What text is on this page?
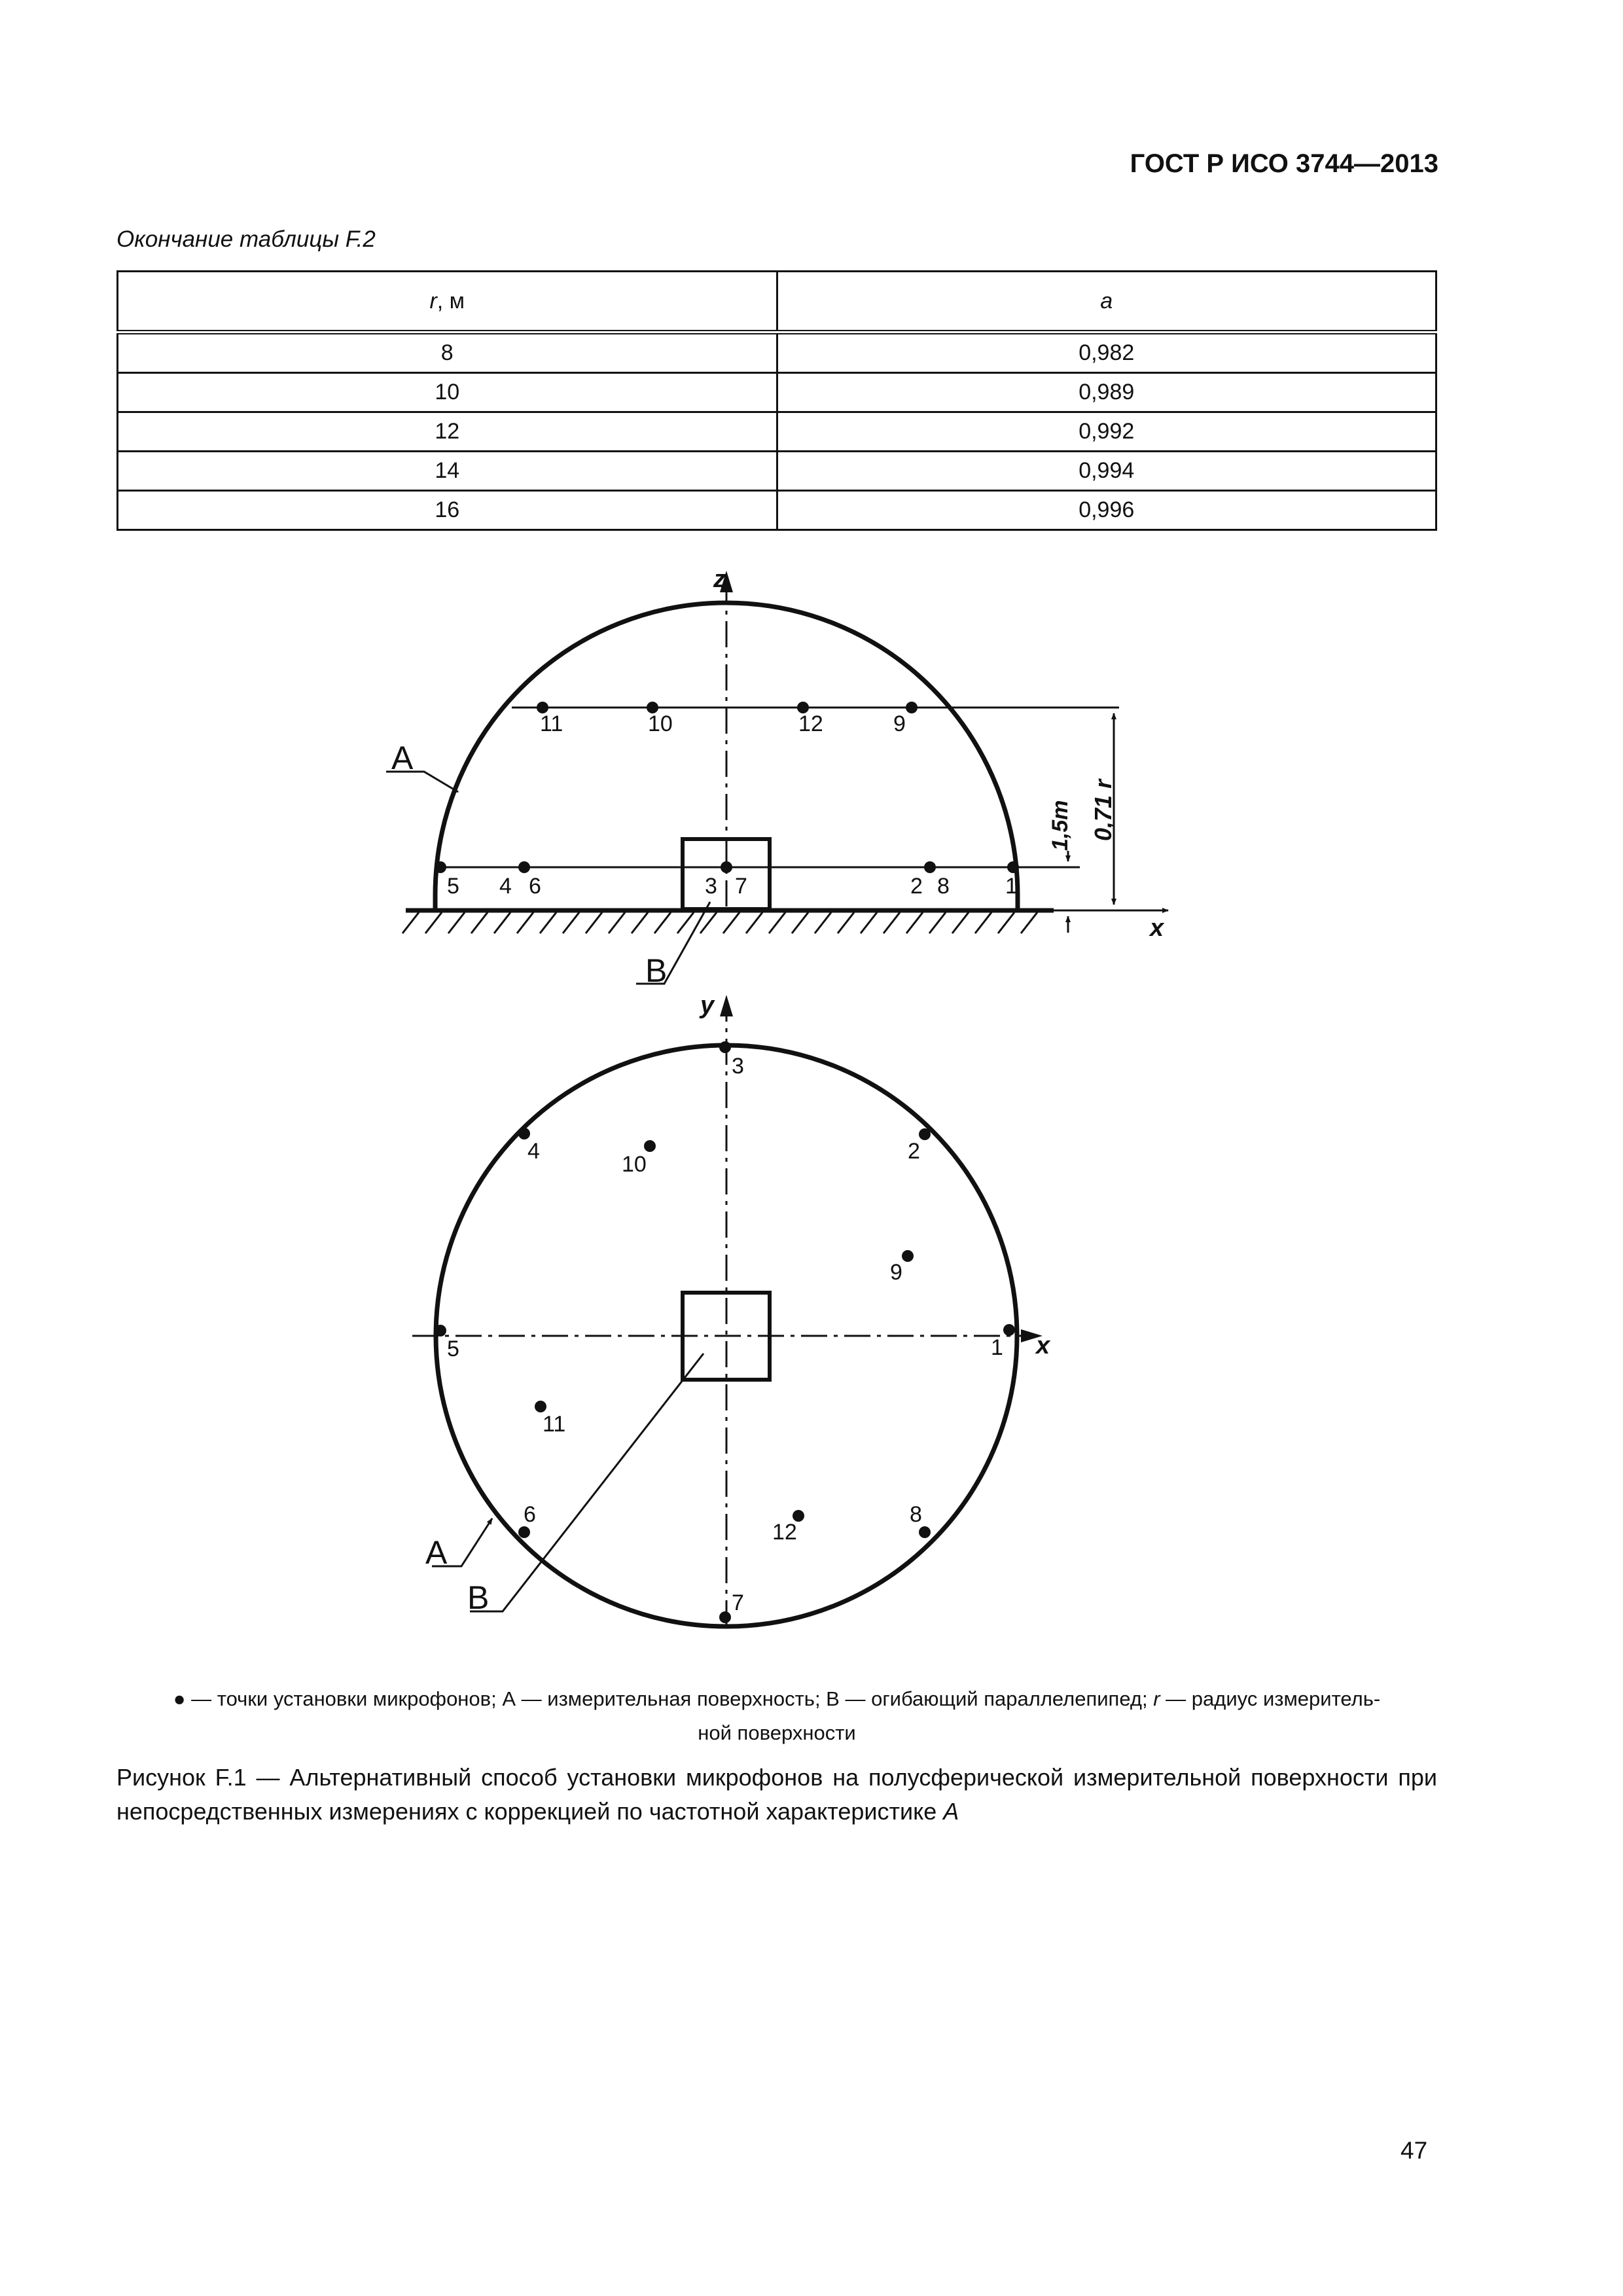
ГОСТ Р ИСО 3744—2013
Окончание таблицы F.2
r, м	a
8	0,982
10	0,989
12	0,992
14	0,994
16	0,996
z
x
A
B
1,5m 0,71 r
1
2
3
4
5	6	7	8
9
10
11	12
y
x
A
B
1
2
3
4
5
6
7
8
9
10
11
12
● — точки установки микрофонов; А — измерительная поверхность; В — огибающий параллелепипед; r — радиус измеритель-
ной поверхности
Рисунок F.1 — Альтернативный способ установки микрофонов на полусферической измерительной поверхности при непосредственных измерениях с коррекцией по частотной характеристике A
47
